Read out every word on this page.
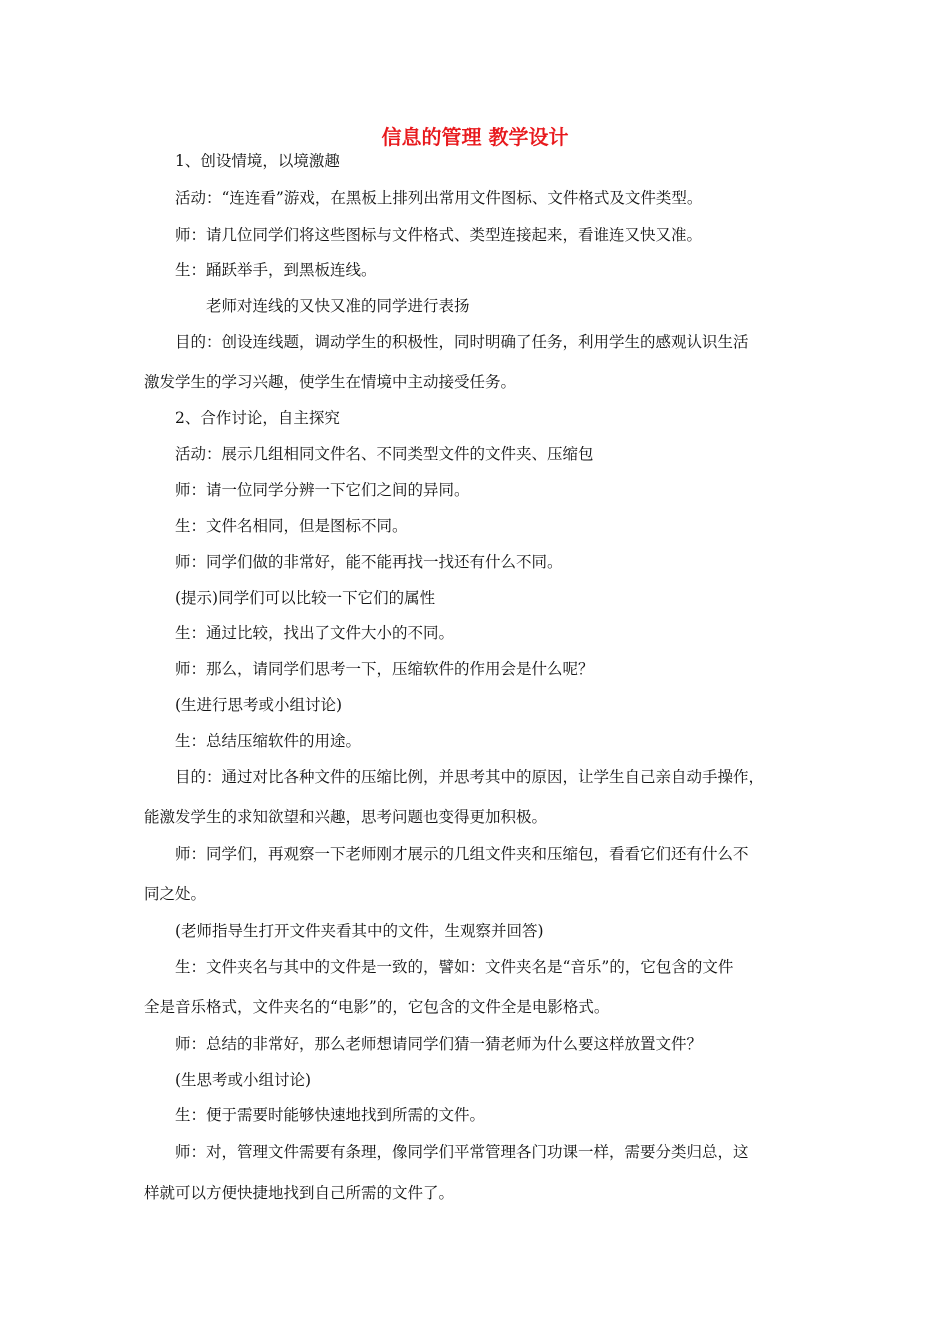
信息的管理 教学设计
1、创设情境，以境激趣
活动：“连连看”游戏，在黑板上排列出常用文件图标、文件格式及文件类型。
师：请几位同学们将这些图标与文件格式、类型连接起来，看谁连又快又准。
生：踊跃举手，到黑板连线。
老师对连线的又快又准的同学进行表扬
目的：创设连线题，调动学生的积极性，同时明确了任务，利用学生的感观认识生活
激发学生的学习兴趣，使学生在情境中主动接受任务。
2、合作讨论，自主探究
活动：展示几组相同文件名、不同类型文件的文件夹、压缩包
师：请一位同学分辨一下它们之间的异同。
生：文件名相同，但是图标不同。
师：同学们做的非常好，能不能再找一找还有什么不同。
(提示)同学们可以比较一下它们的属性
生：通过比较，找出了文件大小的不同。
师：那么，请同学们思考一下，压缩软件的作用会是什么呢？
(生进行思考或小组讨论)
生：总结压缩软件的用途。
目的：通过对比各种文件的压缩比例，并思考其中的原因，让学生自己亲自动手操作，
能激发学生的求知欲望和兴趣，思考问题也变得更加积极。
师：同学们，再观察一下老师刚才展示的几组文件夹和压缩包，看看它们还有什么不
同之处。
(老师指导生打开文件夹看其中的文件，生观察并回答)
生：文件夹名与其中的文件是一致的，譬如：文件夹名是“音乐”的，它包含的文件
全是音乐格式，文件夹名的“电影”的，它包含的文件全是电影格式。
师：总结的非常好，那么老师想请同学们猜一猜老师为什么要这样放置文件？
(生思考或小组讨论)
生：便于需要时能够快速地找到所需的文件。
师：对，管理文件需要有条理，像同学们平常管理各门功课一样，需要分类归总，这
样就可以方便快捷地找到自己所需的文件了。
